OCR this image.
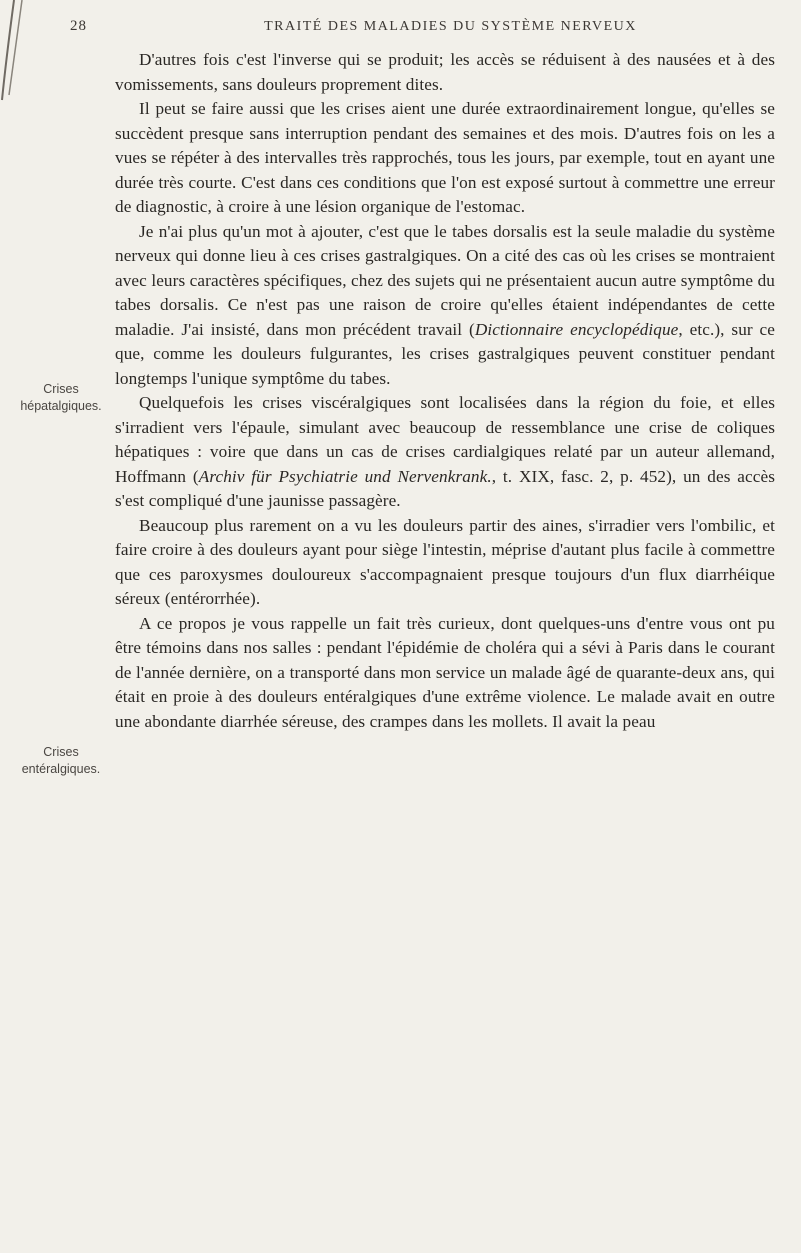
28	TRAITÉ DES MALADIES DU SYSTÈME NERVEUX
Crises
hépatalgiques.
Crises
entéralgiques.

D'autres fois c'est l'inverse qui se produit; les accès se réduisent à des nausées et à des vomissements, sans douleurs proprement dites.

Il peut se faire aussi que les crises aient une durée extraordinairement longue, qu'elles se succèdent presque sans interruption pendant des semaines et des mois. D'autres fois on les a vues se répéter à des intervalles très rapprochés, tous les jours, par exemple, tout en ayant une durée très courte. C'est dans ces conditions que l'on est exposé surtout à commettre une erreur de diagnostic, à croire à une lésion organique de l'estomac.

Je n'ai plus qu'un mot à ajouter, c'est que le tabes dorsalis est la seule maladie du système nerveux qui donne lieu à ces crises gastralgiques. On a cité des cas où les crises se montraient avec leurs caractères spécifiques, chez des sujets qui ne présentaient aucun autre symptôme du tabes dorsalis. Ce n'est pas une raison de croire qu'elles étaient indépendantes de cette maladie. J'ai insisté, dans mon précédent travail (Dictionnaire encyclopédique, etc.), sur ce que, comme les douleurs fulgurantes, les crises gastralgiques peuvent constituer pendant longtemps l'unique symptôme du tabes.

Quelquefois les crises viscéralgiques sont localisées dans la région du foie, et elles s'irradient vers l'épaule, simulant avec beaucoup de ressemblance une crise de coliques hépatiques : voire que dans un cas de crises cardialgiques relaté par un auteur allemand, Hoffmann (Archiv für Psychiatrie und Nervenkrank., t. XIX, fasc. 2, p. 452), un des accès s'est compliqué d'une jaunisse passagère.

Beaucoup plus rarement on a vu les douleurs partir des aines, s'irradier vers l'ombilic, et faire croire à des douleurs ayant pour siège l'intestin, méprise d'autant plus facile à commettre que ces paroxysmes douloureux s'accompagnaient presque toujours d'un flux diarrhéique séreux (entérorrhée).

A ce propos je vous rappelle un fait très curieux, dont quelques-uns d'entre vous ont pu être témoins dans nos salles : pendant l'épidémie de choléra qui a sévi à Paris dans le courant de l'année dernière, on a transporté dans mon service un malade âgé de quarante-deux ans, qui était en proie à des douleurs entéralgiques d'une extrême violence. Le malade avait en outre une abondante diarrhée séreuse, des crampes dans les mollets. Il avait la peau
